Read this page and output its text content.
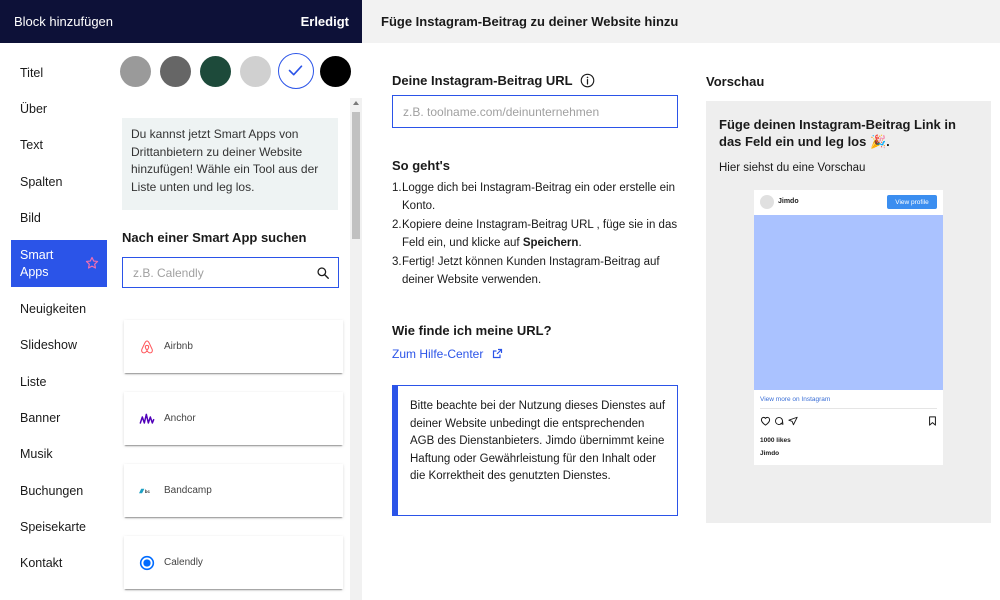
Block hinzufügen	Erledigt
Titel
Über
Text
Spalten
Bild
Smart Apps
Neuigkeiten
Slideshow
Liste
Banner
Musik
Buchungen
Speisekarte
Kontakt
Du kannst jetzt Smart Apps von Drittanbietern zu deiner Website hinzufügen! Wähle ein Tool aus der Liste unten und leg los.
Nach einer Smart App suchen
z.B. Calendly
Airbnb
Anchor
bc Bandcamp
Calendly
Füge Instagram-Beitrag zu deiner Website hinzu
Deine Instagram-Beitrag URL
z.B. toolname.com/deinunternehmen
So geht's
1. Logge dich bei Instagram-Beitrag ein oder erstelle ein Konto.
2. Kopiere deine Instagram-Beitrag URL , füge sie in das Feld ein, und klicke auf Speichern.
3. Fertig! Jetzt können Kunden Instagram-Beitrag auf deiner Website verwenden.
Wie finde ich meine URL?
Zum Hilfe-Center
Bitte beachte bei der Nutzung dieses Dienstes auf deiner Website unbedingt die entsprechenden AGB des Dienstanbieters. Jimdo übernimmt keine Haftung oder Gewährleistung für den Inhalt oder die Korrektheit des genutzten Dienstes.
Vorschau
Füge deinen Instagram-Beitrag Link in das Feld ein und leg los 🎉.
Hier siehst du eine Vorschau
Jimdo	View profile
View more on Instagram
1000 likes
Jimdo
